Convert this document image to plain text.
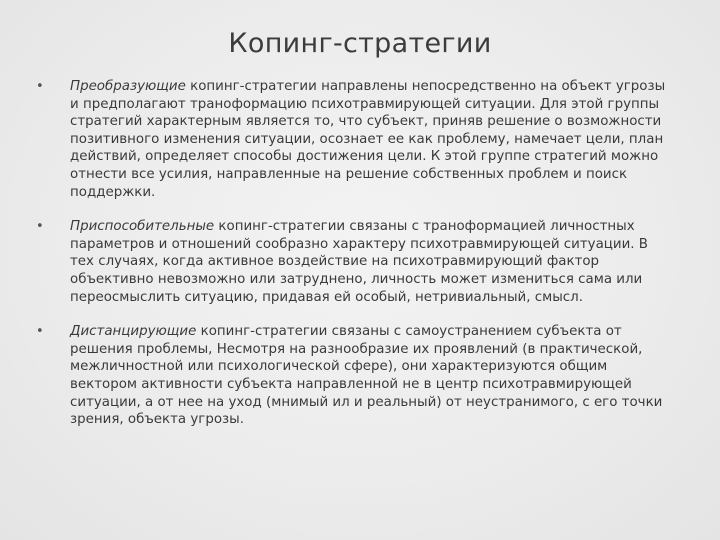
Копинг-стратегии
• Преобразующие копинг-стратегии направлены непосредственно на объект угрозы и предполагают траноформацию психотравмирующей ситуации. Для этой группы стратегий характерным является то, что субъект, приняв решение о возможности позитивного изменения ситуации, осознает ее как проблему, намечает цели, план действий, определяет способы достижения цели. К этой группе стратегий можно отнести все усилия, направленные на решение собственных проблем и поиск поддержки.
• Приспособительные копинг-стратегии связаны с траноформацией личностных параметров и отношений сообразно характеру психотравмирующей ситуации. В тех случаях, когда активное воздействие на психотравмирующий фактор объективно невозможно или затруднено, личность может измениться сама или переосмыслить ситуацию, придавая ей особый, нетривиальный, смысл.
• Дистанцирующие копинг-стратегии связаны с самоустранением субъекта от решения проблемы, Несмотря на разнообразие их проявлений (в практической, межличностной или психологической сфере), они характеризуются общим вектором активности субъекта направленной не в центр психотравмирующей ситуации, а от нее на уход (мнимый ил и реальный) от неустранимого, с его точки зрения, объекта угрозы.
